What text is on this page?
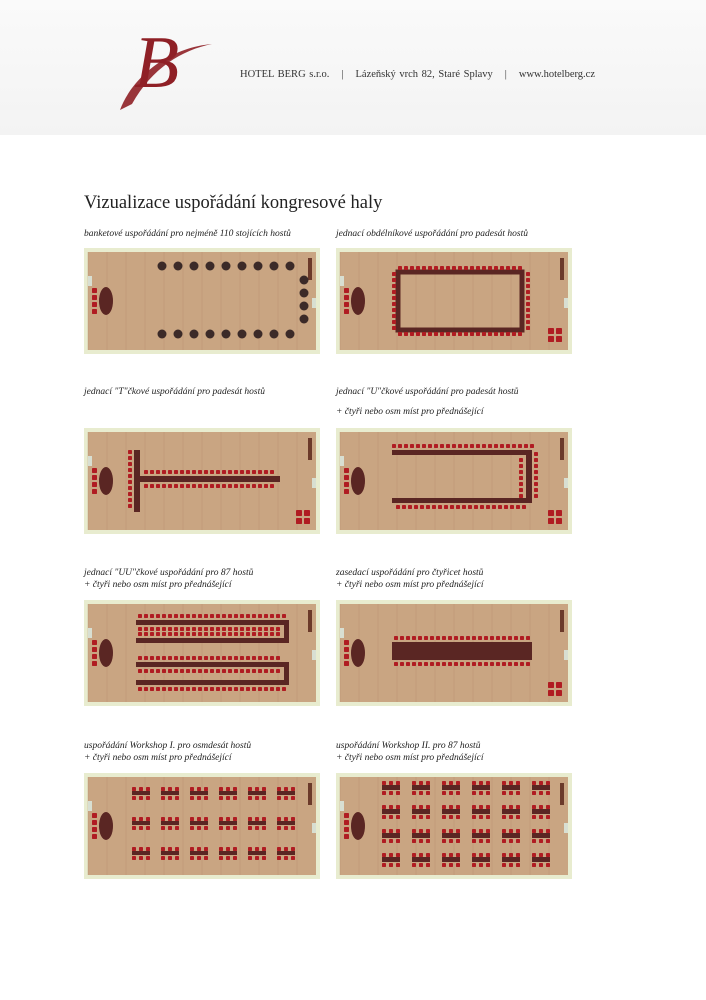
B	HOTEL BERG s.r.o. | Lázeňský vrch 82, Staré Splavy | www.hotelberg.cz
Vizualizace uspořádání kongresové haly
banketové uspořádání pro nejméně 110 stojících hostů	jednací obdélníkové uspořádání pro padesát hostů
jednací "T"čkové uspořádání pro padesát hostů	jednací "U"čkové uspořádání pro padesát hostů
+ čtyři nebo osm míst pro přednášející
jednací "UU"čkové uspořádání pro 87 hostů
+ čtyři nebo osm míst pro přednášející
zasedací uspořádání pro čtyřicet hostů
+ čtyři nebo osm míst pro přednášející
uspořádání Workshop I. pro osmdesát hostů
+ čtyři nebo osm míst pro přednášející
uspořádání Workshop II. pro 87 hostů
+ čtyři nebo osm míst pro přednášející
